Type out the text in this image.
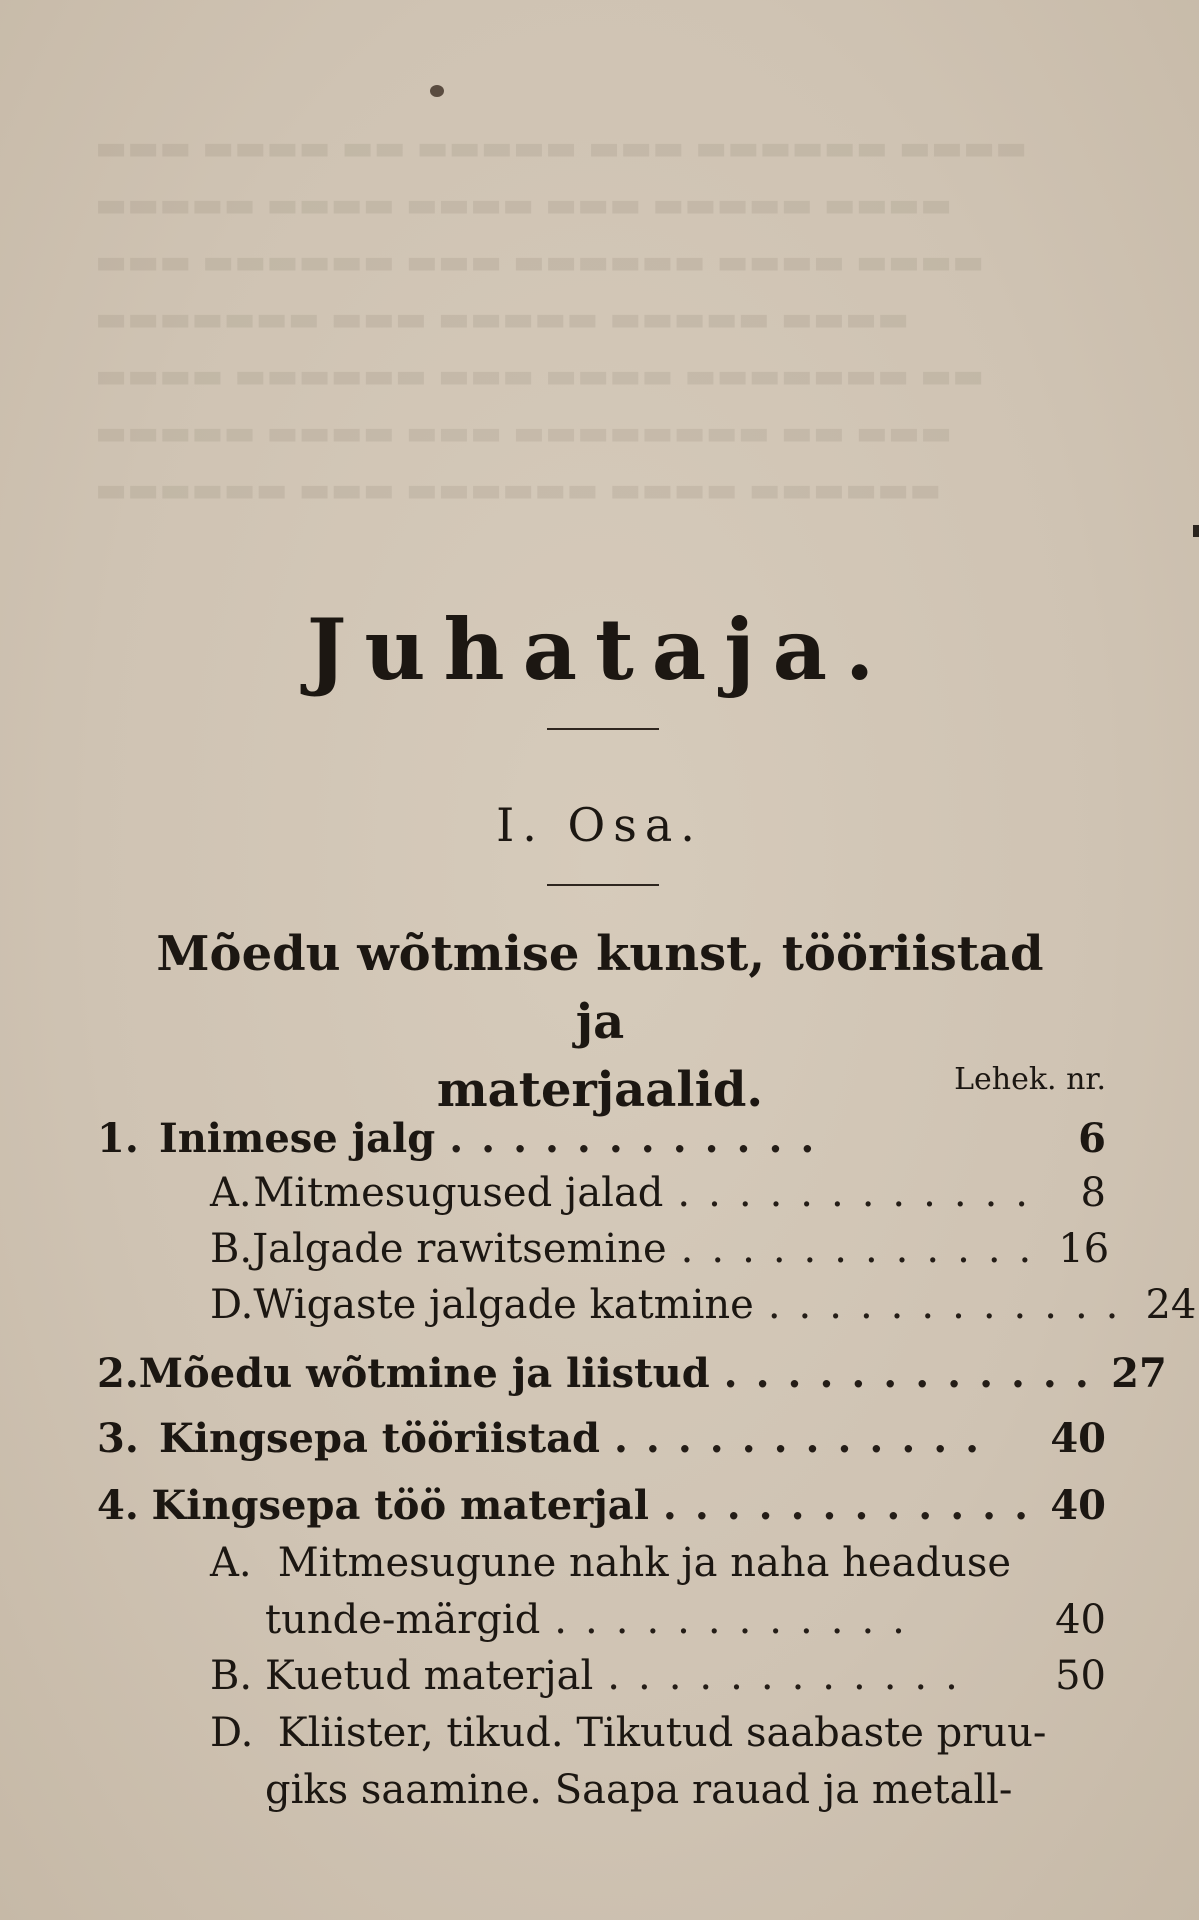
▬▬▬ ▬▬▬▬ ▬▬ ▬▬▬▬▬ ▬▬▬ ▬▬▬▬▬▬ ▬▬▬▬
▬▬▬▬▬ ▬▬▬▬ ▬▬▬▬ ▬▬▬ ▬▬▬▬▬ ▬▬▬▬
▬▬▬ ▬▬▬▬▬▬ ▬▬▬ ▬▬▬▬▬▬ ▬▬▬▬ ▬▬▬▬
▬▬▬▬▬▬▬ ▬▬▬ ▬▬▬▬▬ ▬▬▬▬▬ ▬▬▬▬
▬▬▬▬ ▬▬▬▬▬▬ ▬▬▬ ▬▬▬▬ ▬▬▬▬▬▬▬ ▬▬
▬▬▬▬▬ ▬▬▬▬ ▬▬▬ ▬▬▬▬▬▬▬▬ ▬▬ ▬▬▬
▬▬▬▬▬▬ ▬▬▬ ▬▬▬▬▬▬ ▬▬▬▬ ▬▬▬▬▬▬
Juhataja.
I. Osa.
Mõedu wõtmise kunst, tööriistad ja
materjaalid.	Lehek. nr.
1. Inimese jalg ............	6
A. Mitmesugused jalad ............ 8
B. Jalgade rawitsemine ............ 16
D. Wigaste jalgade katmine ............ 24
2. Mõedu wõtmine ja liistud ............ 27
3. Kingsepa tööriistad ............	40
4. Kingsepa töö materjal ............ 40
A. Mitmesugune nahk ja naha headuse
tunde-märgid ............	40
B. Kuetud materjal ............	50
D. Kliister, tikud. Tikutud saabaste pruu-
giks saamine. Saapa rauad ja metall-
